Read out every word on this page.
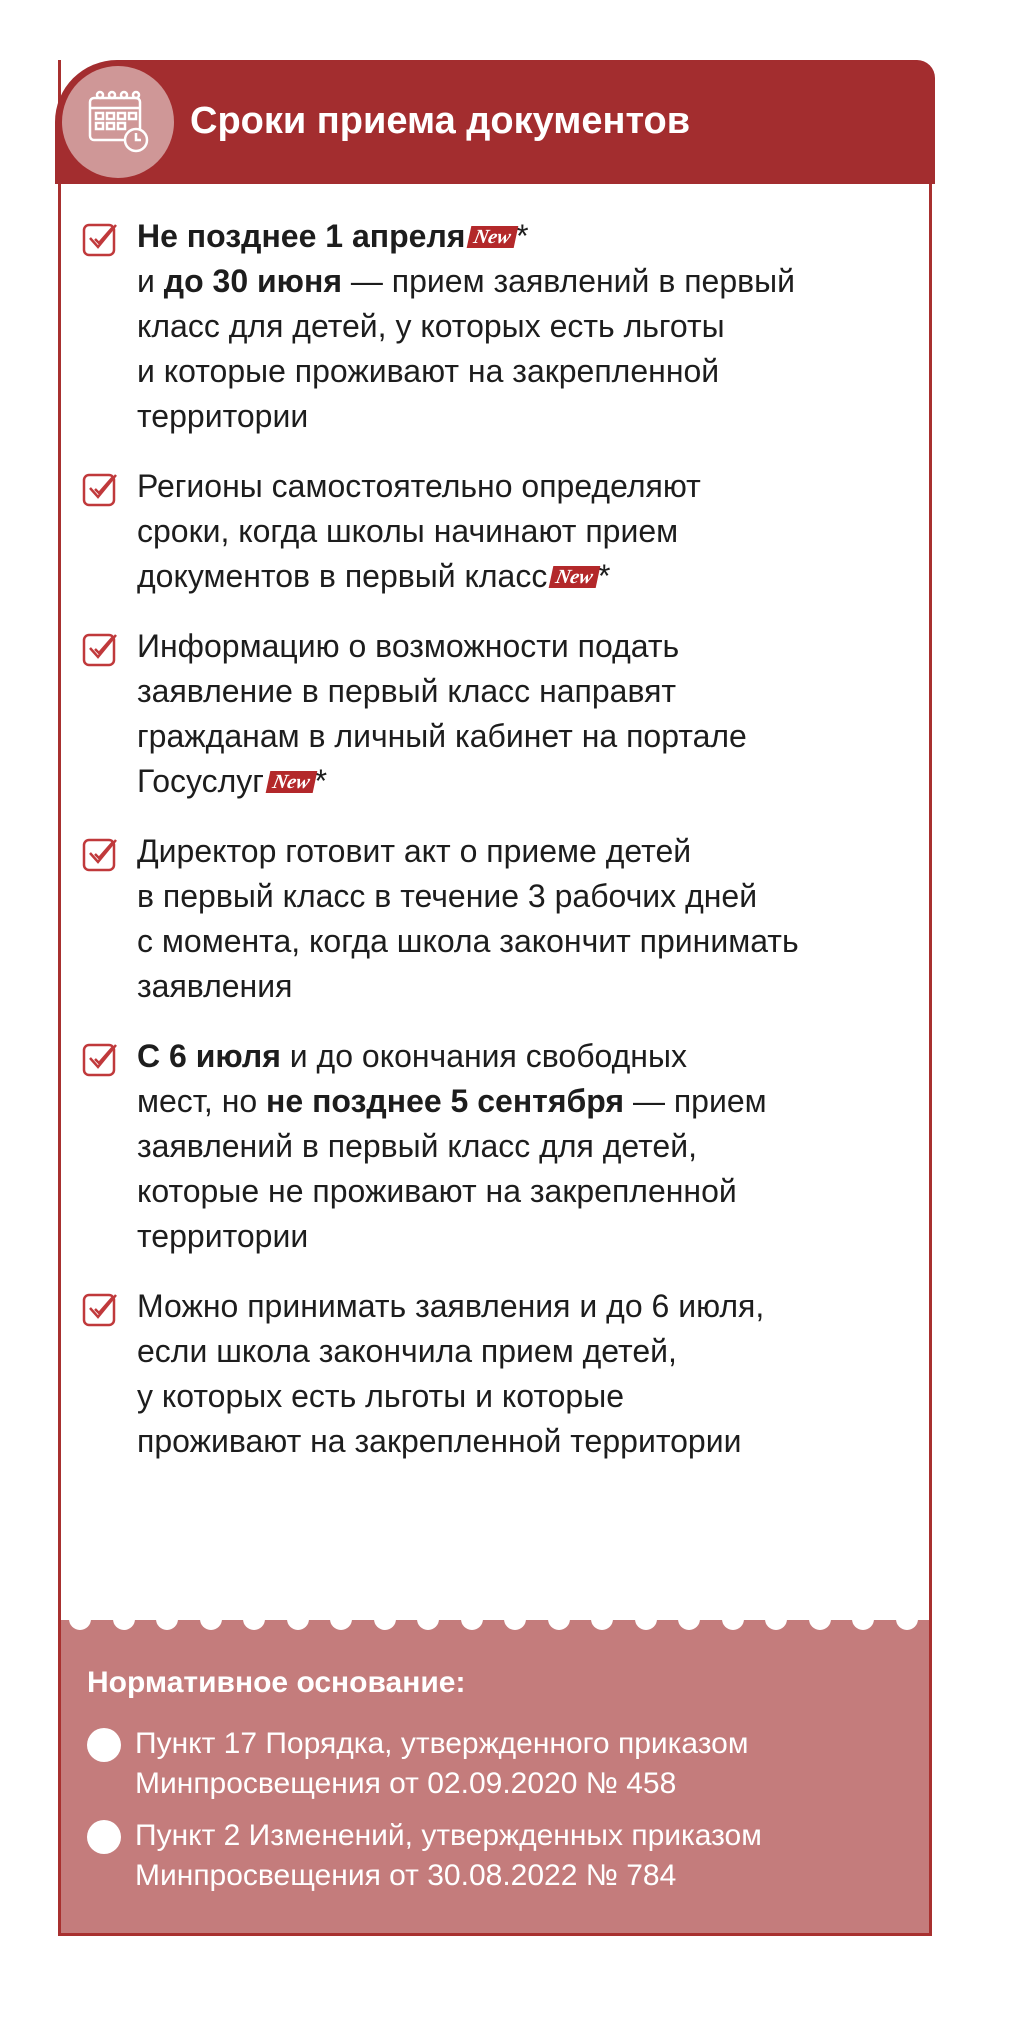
Сроки приема документов
Не позднее 1 апреля New*
и до 30 июня — прием заявлений в первый
класс для детей, у которых есть льготы
и которые проживают на закрепленной
территории
Регионы самостоятельно определяют
сроки, когда школы начинают прием
документов в первый класс New*
Информацию о возможности подать
заявление в первый класс направят
гражданам в личный кабинет на портале
Госуслуг New*
Директор готовит акт о приеме детей
в первый класс в течение 3 рабочих дней
с момента, когда школа закончит принимать
заявления
С 6 июля и до окончания свободных
мест, но не позднее 5 сентября — прием
заявлений в первый класс для детей,
которые не проживают на закрепленной
территории
Можно принимать заявления и до 6 июля,
если школа закончила прием детей,
у которых есть льготы и которые
проживают на закрепленной территории
Нормативное основание:
Пункт 17 Порядка, утвержденного приказом
Минпросвещения от 02.09.2020 № 458
Пункт 2 Изменений, утвержденных приказом
Минпросвещения от 30.08.2022 № 784
